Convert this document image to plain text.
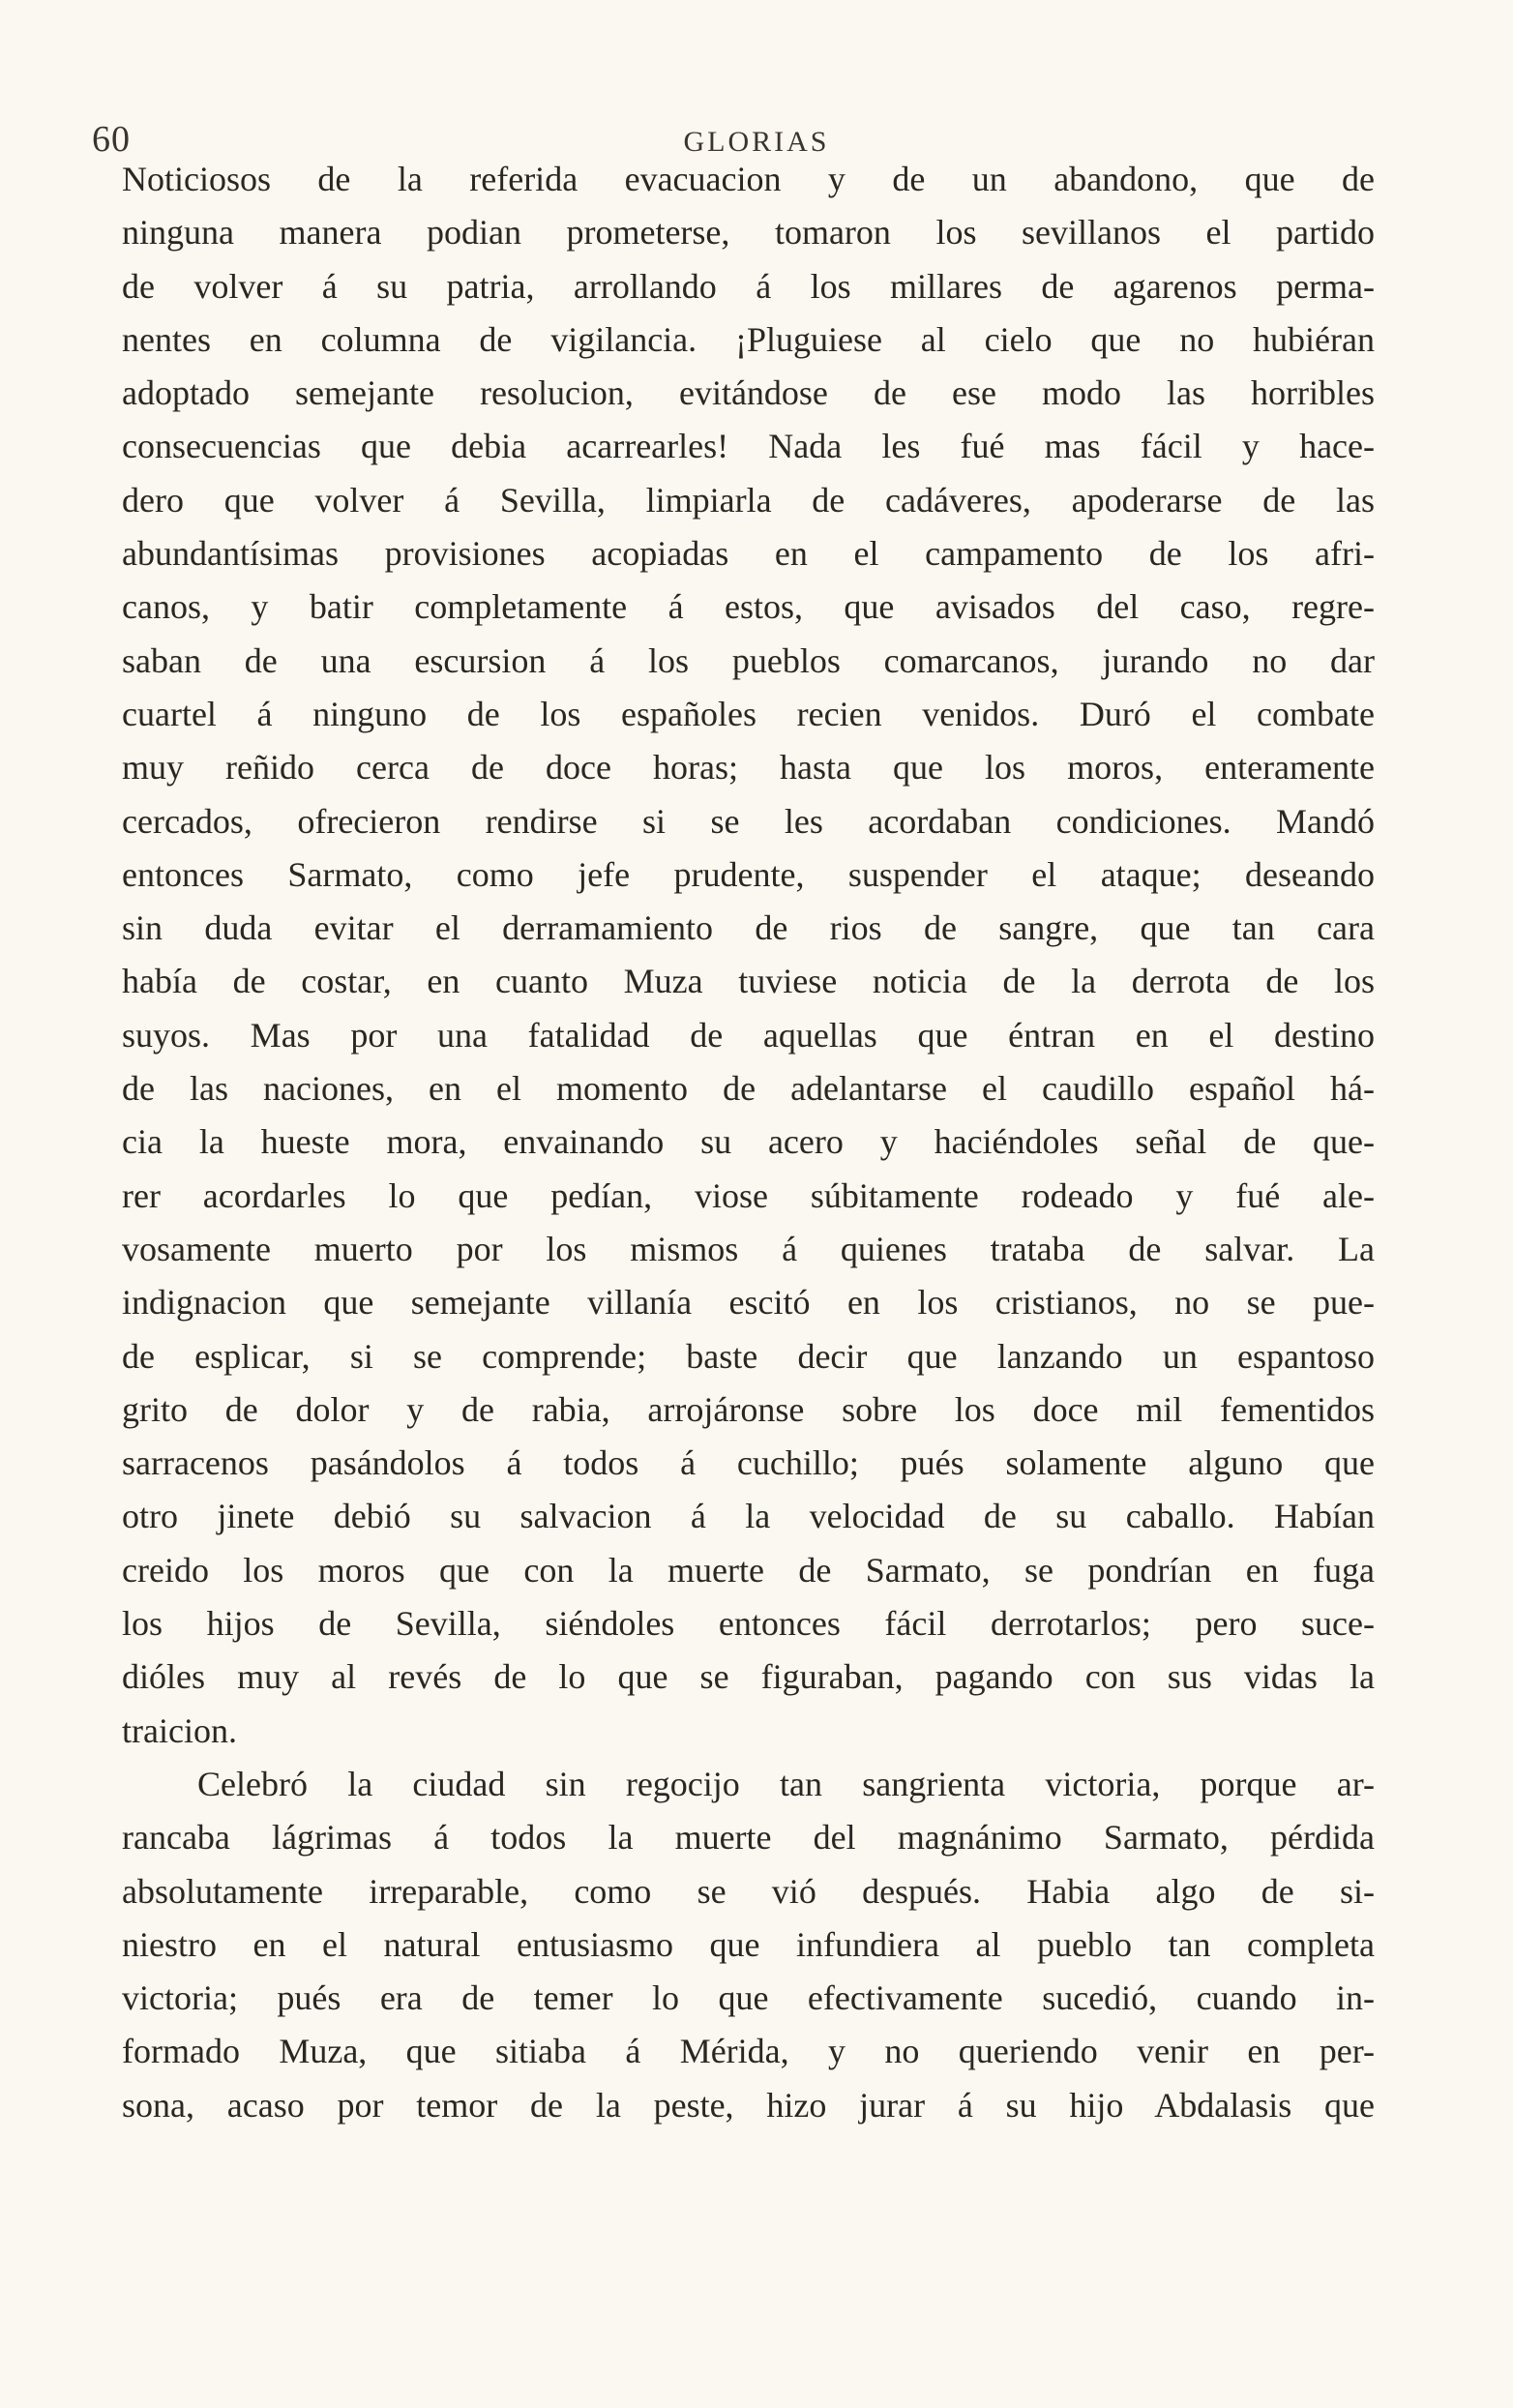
60	GLORIAS
Noticiosos de la referida evacuacion y de un abandono, que de
ninguna manera podian prometerse, tomaron los sevillanos el partido
de volver á su patria, arrollando á los millares de agarenos perma-
nentes en columna de vigilancia. ¡Pluguiese al cielo que no hubiéran
adoptado semejante resolucion, evitándose de ese modo las horribles
consecuencias que debia acarrearles! Nada les fué mas fácil y hace-
dero que volver á Sevilla, limpiarla de cadáveres, apoderarse de las
abundantísimas provisiones acopiadas en el campamento de los afri-
canos, y batir completamente á estos, que avisados del caso, regre-
saban de una escursion á los pueblos comarcanos, jurando no dar
cuartel á ninguno de los españoles recien venidos. Duró el combate
muy reñido cerca de doce horas; hasta que los moros, enteramente
cercados, ofrecieron rendirse si se les acordaban condiciones. Mandó
entonces Sarmato, como jefe prudente, suspender el ataque; deseando
sin duda evitar el derramamiento de rios de sangre, que tan cara
había de costar, en cuanto Muza tuviese noticia de la derrota de los
suyos. Mas por una fatalidad de aquellas que éntran en el destino
de las naciones, en el momento de adelantarse el caudillo español há-
cia la hueste mora, envainando su acero y haciéndoles señal de que-
rer acordarles lo que pedían, viose súbitamente rodeado y fué ale-
vosamente muerto por los mismos á quienes trataba de salvar. La
indignacion que semejante villanía escitó en los cristianos, no se pue-
de esplicar, si se comprende; baste decir que lanzando un espantoso
grito de dolor y de rabia, arrojáronse sobre los doce mil fementidos
sarracenos pasándolos á todos á cuchillo; pués solamente alguno que
otro jinete debió su salvacion á la velocidad de su caballo. Habían
creido los moros que con la muerte de Sarmato, se pondrían en fuga
los hijos de Sevilla, siéndoles entonces fácil derrotarlos; pero suce-
dióles muy al revés de lo que se figuraban, pagando con sus vidas la
traicion.
Celebró la ciudad sin regocijo tan sangrienta victoria, porque ar-
rancaba lágrimas á todos la muerte del magnánimo Sarmato, pérdida
absolutamente irreparable, como se vió después. Habia algo de si-
niestro en el natural entusiasmo que infundiera al pueblo tan completa
victoria; pués era de temer lo que efectivamente sucedió, cuando in-
formado Muza, que sitiaba á Mérida, y no queriendo venir en per-
sona, acaso por temor de la peste, hizo jurar á su hijo Abdalasis que
